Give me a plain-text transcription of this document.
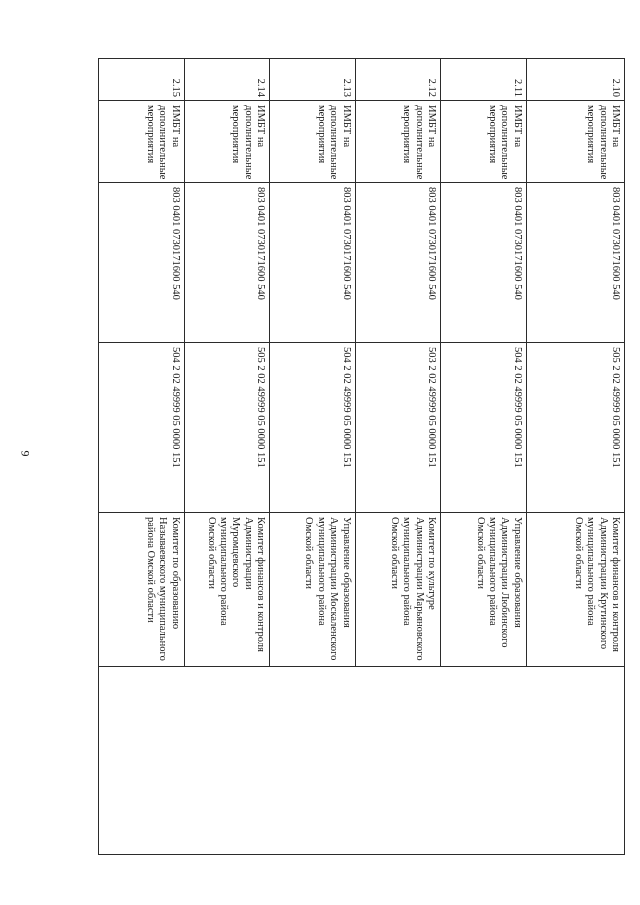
9
2.10	ИМБТ на дополнительные мероприятия	803 0401 0730171600 540	505 2 02 49999 05 0000 151	Комитет финансов и контроля Администрации Крутинского муниципального района Омской области	
2.11	ИМБТ на дополнительные мероприятия	803 0401 0730171600 540	504 2 02 49999 05 0000 151	Управление образования Администрации Любинского муниципального района Омской области	
2.12	ИМБТ на дополнительные мероприятия	803 0401 0730171600 540	503 2 02 49999 05 0000 151	Комитет по культуре Администрации Марьяновского муниципального района Омской области	
2.13	ИМБТ на дополнительные мероприятия	803 0401 0730171600 540	504 2 02 49999 05 0000 151	Управление образования Администрации Москаленского муниципального района Омской области	
2.14	ИМБТ на дополнительные мероприятия	803 0401 0730171600 540	505 2 02 49999 05 0000 151	Комитет финансов и контроля Администрации Муромцевского муниципального района Омской области	
2.15	ИМБТ на дополнительные мероприятия	803 0401 0730171600 540	504 2 02 49999 05 0000 151	Комитет по образованию Называевского муниципального района Омской области	
